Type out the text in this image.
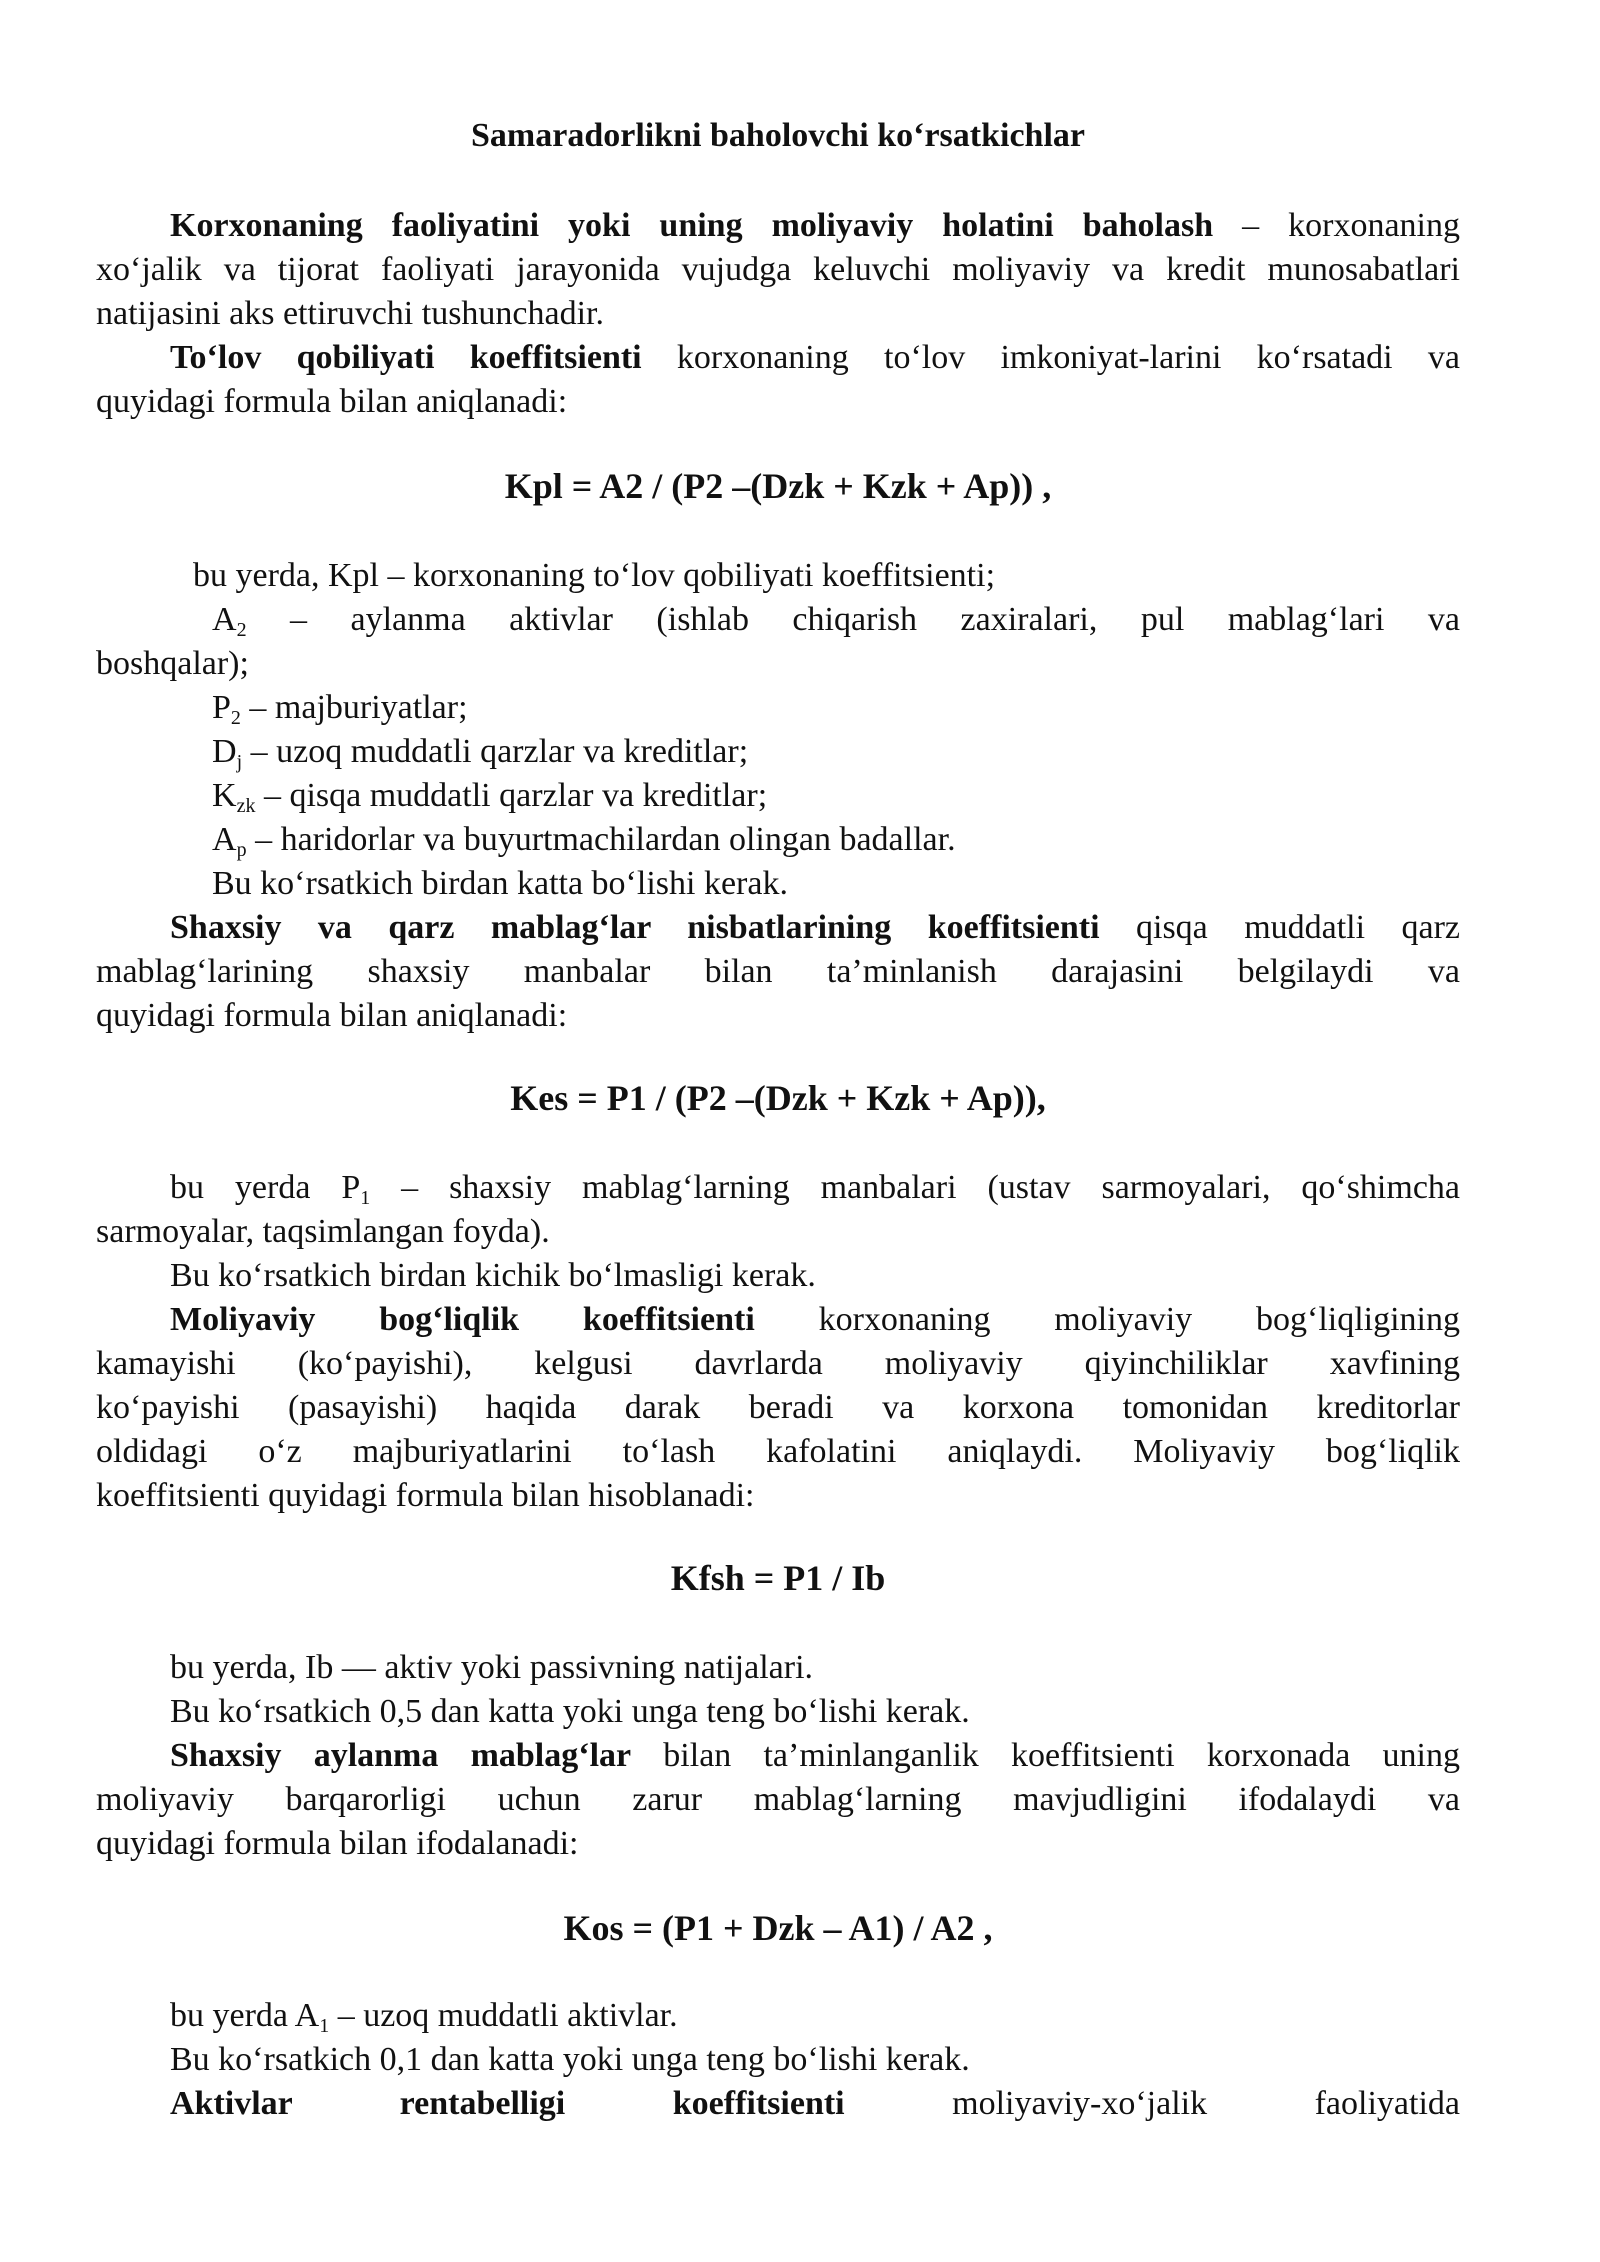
Samaradorlikni baholovchi ko‘rsatkichlar
Korxonaning faoliyatini yoki uning moliyaviy holatini baholash – korxonaning
xo‘jalik va tijorat faoliyati jarayonida vujudga keluvchi moliyaviy va kredit munosabatlari
natijasini aks ettiruvchi tushunchadir.
To‘lov qobiliyati koeffitsienti korxonaning to‘lov imkoniyat-larini ko‘rsatadi va
quyidagi formula bilan aniqlanadi:
Kpl = A2 / (P2 –(Dzk + Kzk + Ap)) ,
bu yerda, Kpl – korxonaning to‘lov qobiliyati koeffitsienti;
$A_2$ – aylanma aktivlar (ishlab chiqarish zaxiralari, pul mablag‘lari va
boshqalar);
$P_2$ – majburiyatlar;
$D_j$ – uzoq muddatli qarzlar va kreditlar;
$K_{zk}$ – qisqa muddatli qarzlar va kreditlar;
$A_p$ – haridorlar va buyurtmachilardan olingan badallar.
Bu ko‘rsatkich birdan katta bo‘lishi kerak.
Shaxsiy va qarz mablag‘lar nisbatlarining koeffitsienti qisqa muddatli qarz
mablag‘larining shaxsiy manbalar bilan ta’minlanish darajasini belgilaydi va
quyidagi formula bilan aniqlanadi:
Kes = P1 / (P2 –(Dzk + Kzk + Ap)),
bu yerda $P_1$ – shaxsiy mablag‘larning manbalari (ustav sarmoyalari, qo‘shimcha
sarmoyalar, taqsimlangan foyda).
Bu ko‘rsatkich birdan kichik bo‘lmasligi kerak.
Moliyaviy bog‘liqlik koeffitsienti korxonaning moliyaviy bog‘liqligining
kamayishi (ko‘payishi), kelgusi davrlarda moliyaviy qiyinchiliklar xavfining
ko‘payishi (pasayishi) haqida darak beradi va korxona tomonidan kreditorlar
oldidagi o‘z majburiyatlarini to‘lash kafolatini aniqlaydi. Moliyaviy bog‘liqlik
koeffitsienti quyidagi formula bilan hisoblanadi:
Kfsh = P1 / Ib
bu yerda, Ib — aktiv yoki passivning natijalari.
Bu ko‘rsatkich 0,5 dan katta yoki unga teng bo‘lishi kerak.
Shaxsiy aylanma mablag‘lar bilan ta’minlanganlik koeffitsienti korxonada uning
moliyaviy barqarorligi uchun zarur mablag‘larning mavjudligini ifodalaydi va
quyidagi formula bilan ifodalanadi:
Kos = (P1 + Dzk – A1) / A2 ,
bu yerda $A_1$ – uzoq muddatli aktivlar.
Bu ko‘rsatkich 0,1 dan katta yoki unga teng bo‘lishi kerak.
Aktivlar rentabelligi koeffitsienti moliyaviy-xo‘jalik faoliyatida
